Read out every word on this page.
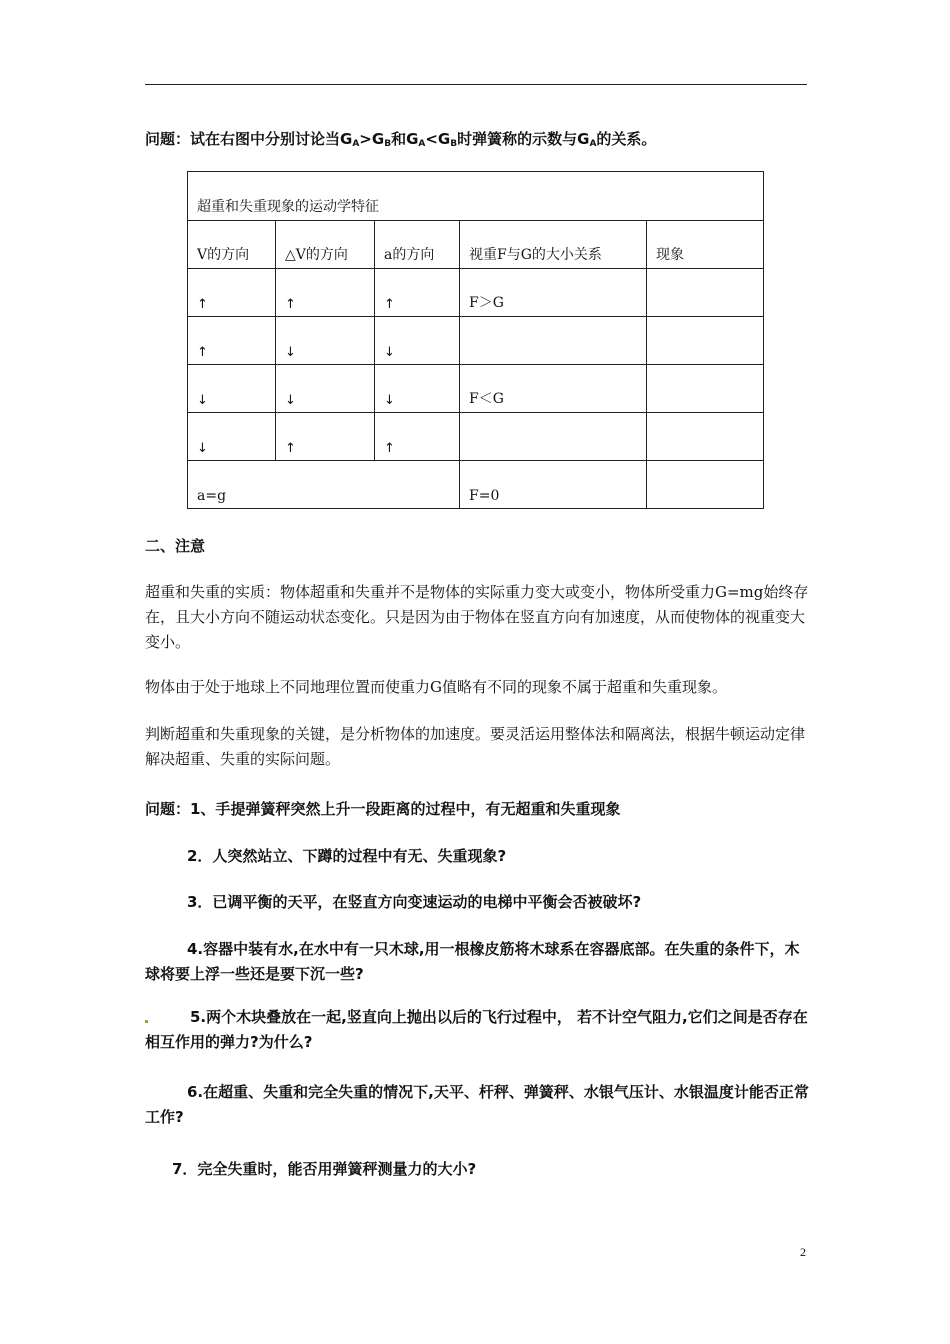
问题：试在右图中分别讨论当$G_A>G_B$和$G_A<G_B$时弹簧称的示数与$G_A$的关系。
超重和失重现象的运动学特征				
V的方向	△V的方向	a的方向	视重F与G的大小关系	现象
↑	↑	↑	F＞G	
↑	↓	↓		
↓	↓	↓	F＜G	
↓	↑	↑		
a=g			F=0	
二、注意
超重和失重的实质：物体超重和失重并不是物体的实际重力变大或变小，物体所受重力G=mg始终存在，且大小方向不随运动状态变化。只是因为由于物体在竖直方向有加速度，从而使物体的视重变大变小。
物体由于处于地球上不同地理位置而使重力G值略有不同的现象不属于超重和失重现象。
判断超重和失重现象的关键，是分析物体的加速度。要灵活运用整体法和隔离法，根据牛顿运动定律解决超重、失重的实际问题。
问题：1、手提弹簧秤突然上升一段距离的过程中，有无超重和失重现象
2．人突然站立、下蹲的过程中有无、失重现象?
3．已调平衡的天平，在竖直方向变速运动的电梯中平衡会否被破坏?
4.容器中装有水,在水中有一只木球,用一根橡皮筋将木球系在容器底部。在失重的条件下，木球将要上浮一些还是要下沉一些?
5.两个木块叠放在一起,竖直向上抛出以后的飞行过程中， 若不计空气阻力,它们之间是否存在相互作用的弹力?为什么?
6.在超重、失重和完全失重的情况下,天平、杆秤、弹簧秤、水银气压计、水银温度计能否正常工作?
7．完全失重时，能否用弹簧秤测量力的大小?
2
